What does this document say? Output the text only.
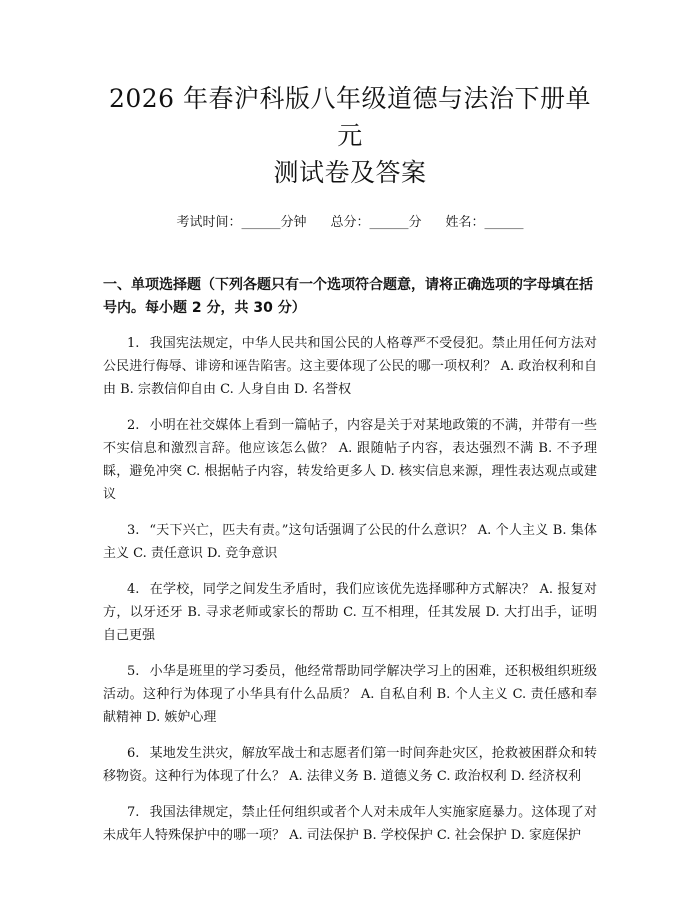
2026 年春沪科版八年级道德与法治下册单元
测试卷及答案
考试时间：______分钟 总分：______分 姓名：______
一、单项选择题（下列各题只有一个选项符合题意，请将正确选项的字母填在括号内。每小题 2 分，共 30 分）

1. 我国宪法规定，中华人民共和国公民的人格尊严不受侵犯。禁止用任何方法对公民进行侮辱、诽谤和诬告陷害。这主要体现了公民的哪一项权利？ A. 政治权利和自由 B. 宗教信仰自由 C. 人身自由 D. 名誉权

2. 小明在社交媒体上看到一篇帖子，内容是关于对某地政策的不满，并带有一些不实信息和激烈言辞。他应该怎么做？ A. 跟随帖子内容，表达强烈不满 B. 不予理睬，避免冲突 C. 根据帖子内容，转发给更多人 D. 核实信息来源，理性表达观点或建议

3. “天下兴亡，匹夫有责。”这句话强调了公民的什么意识？ A. 个人主义 B. 集体主义 C. 责任意识 D. 竞争意识

4. 在学校，同学之间发生矛盾时，我们应该优先选择哪种方式解决？ A. 报复对方，以牙还牙 B. 寻求老师或家长的帮助 C. 互不相理，任其发展 D. 大打出手，证明自己更强

5. 小华是班里的学习委员，他经常帮助同学解决学习上的困难，还积极组织班级活动。这种行为体现了小华具有什么品质？ A. 自私自利 B. 个人主义 C. 责任感和奉献精神 D. 嫉妒心理

6. 某地发生洪灾，解放军战士和志愿者们第一时间奔赴灾区，抢救被困群众和转移物资。这种行为体现了什么？ A. 法律义务 B. 道德义务 C. 政治权利 D. 经济权利

7. 我国法律规定，禁止任何组织或者个人对未成年人实施家庭暴力。这体现了对未成年人特殊保护中的哪一项？ A. 司法保护 B. 学校保护 C. 社会保护 D. 家庭保护
